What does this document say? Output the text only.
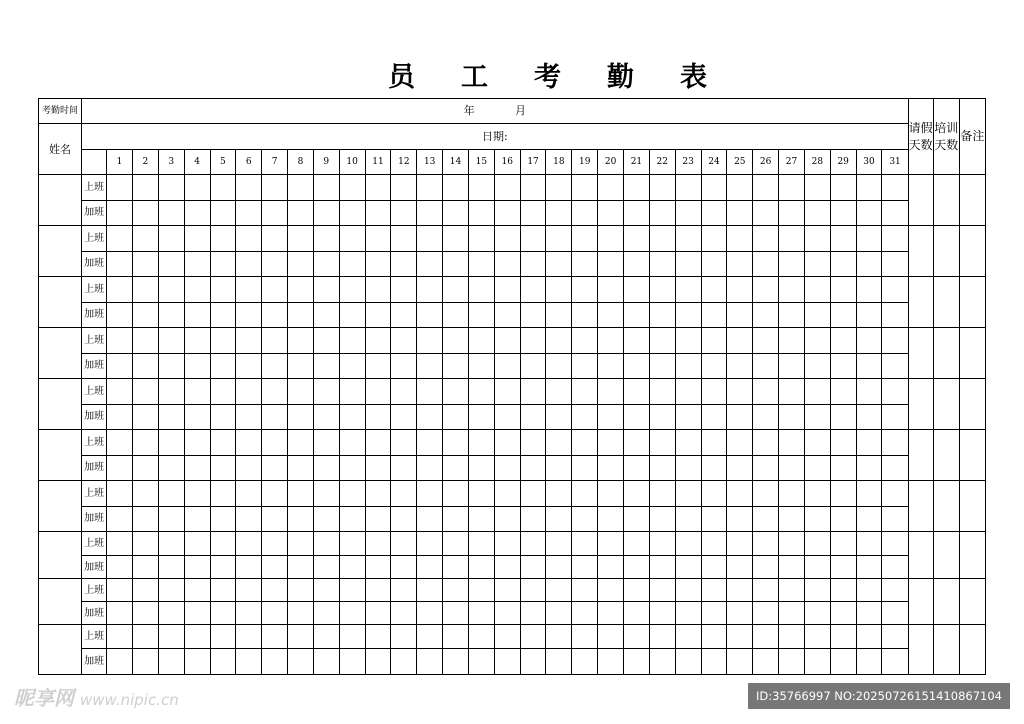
员工考勤表
考勤时间	年 月																																请假天数	培训天数	备注
姓名	日期:																																		
		1	2	3	4	5	6	7	8	9	10	11	12	13	14	15	16	17	18	19	20	21	22	23	24	25	26	27	28	29	30	31			
	上班																																		
	加班																																		
	上班																																		
	加班																																		
	上班																																		
	加班																																		
	上班																																		
	加班																																		
	上班																																		
	加班																																		
	上班																																		
	加班																																		
	上班																																		
	加班																																		
	上班																																		
	加班																																		
	上班																																		
	加班																																		
	上班																																		
	加班																																		
昵享网 www.nipic.cn	ID:35766997 NO:20250726151410867104
